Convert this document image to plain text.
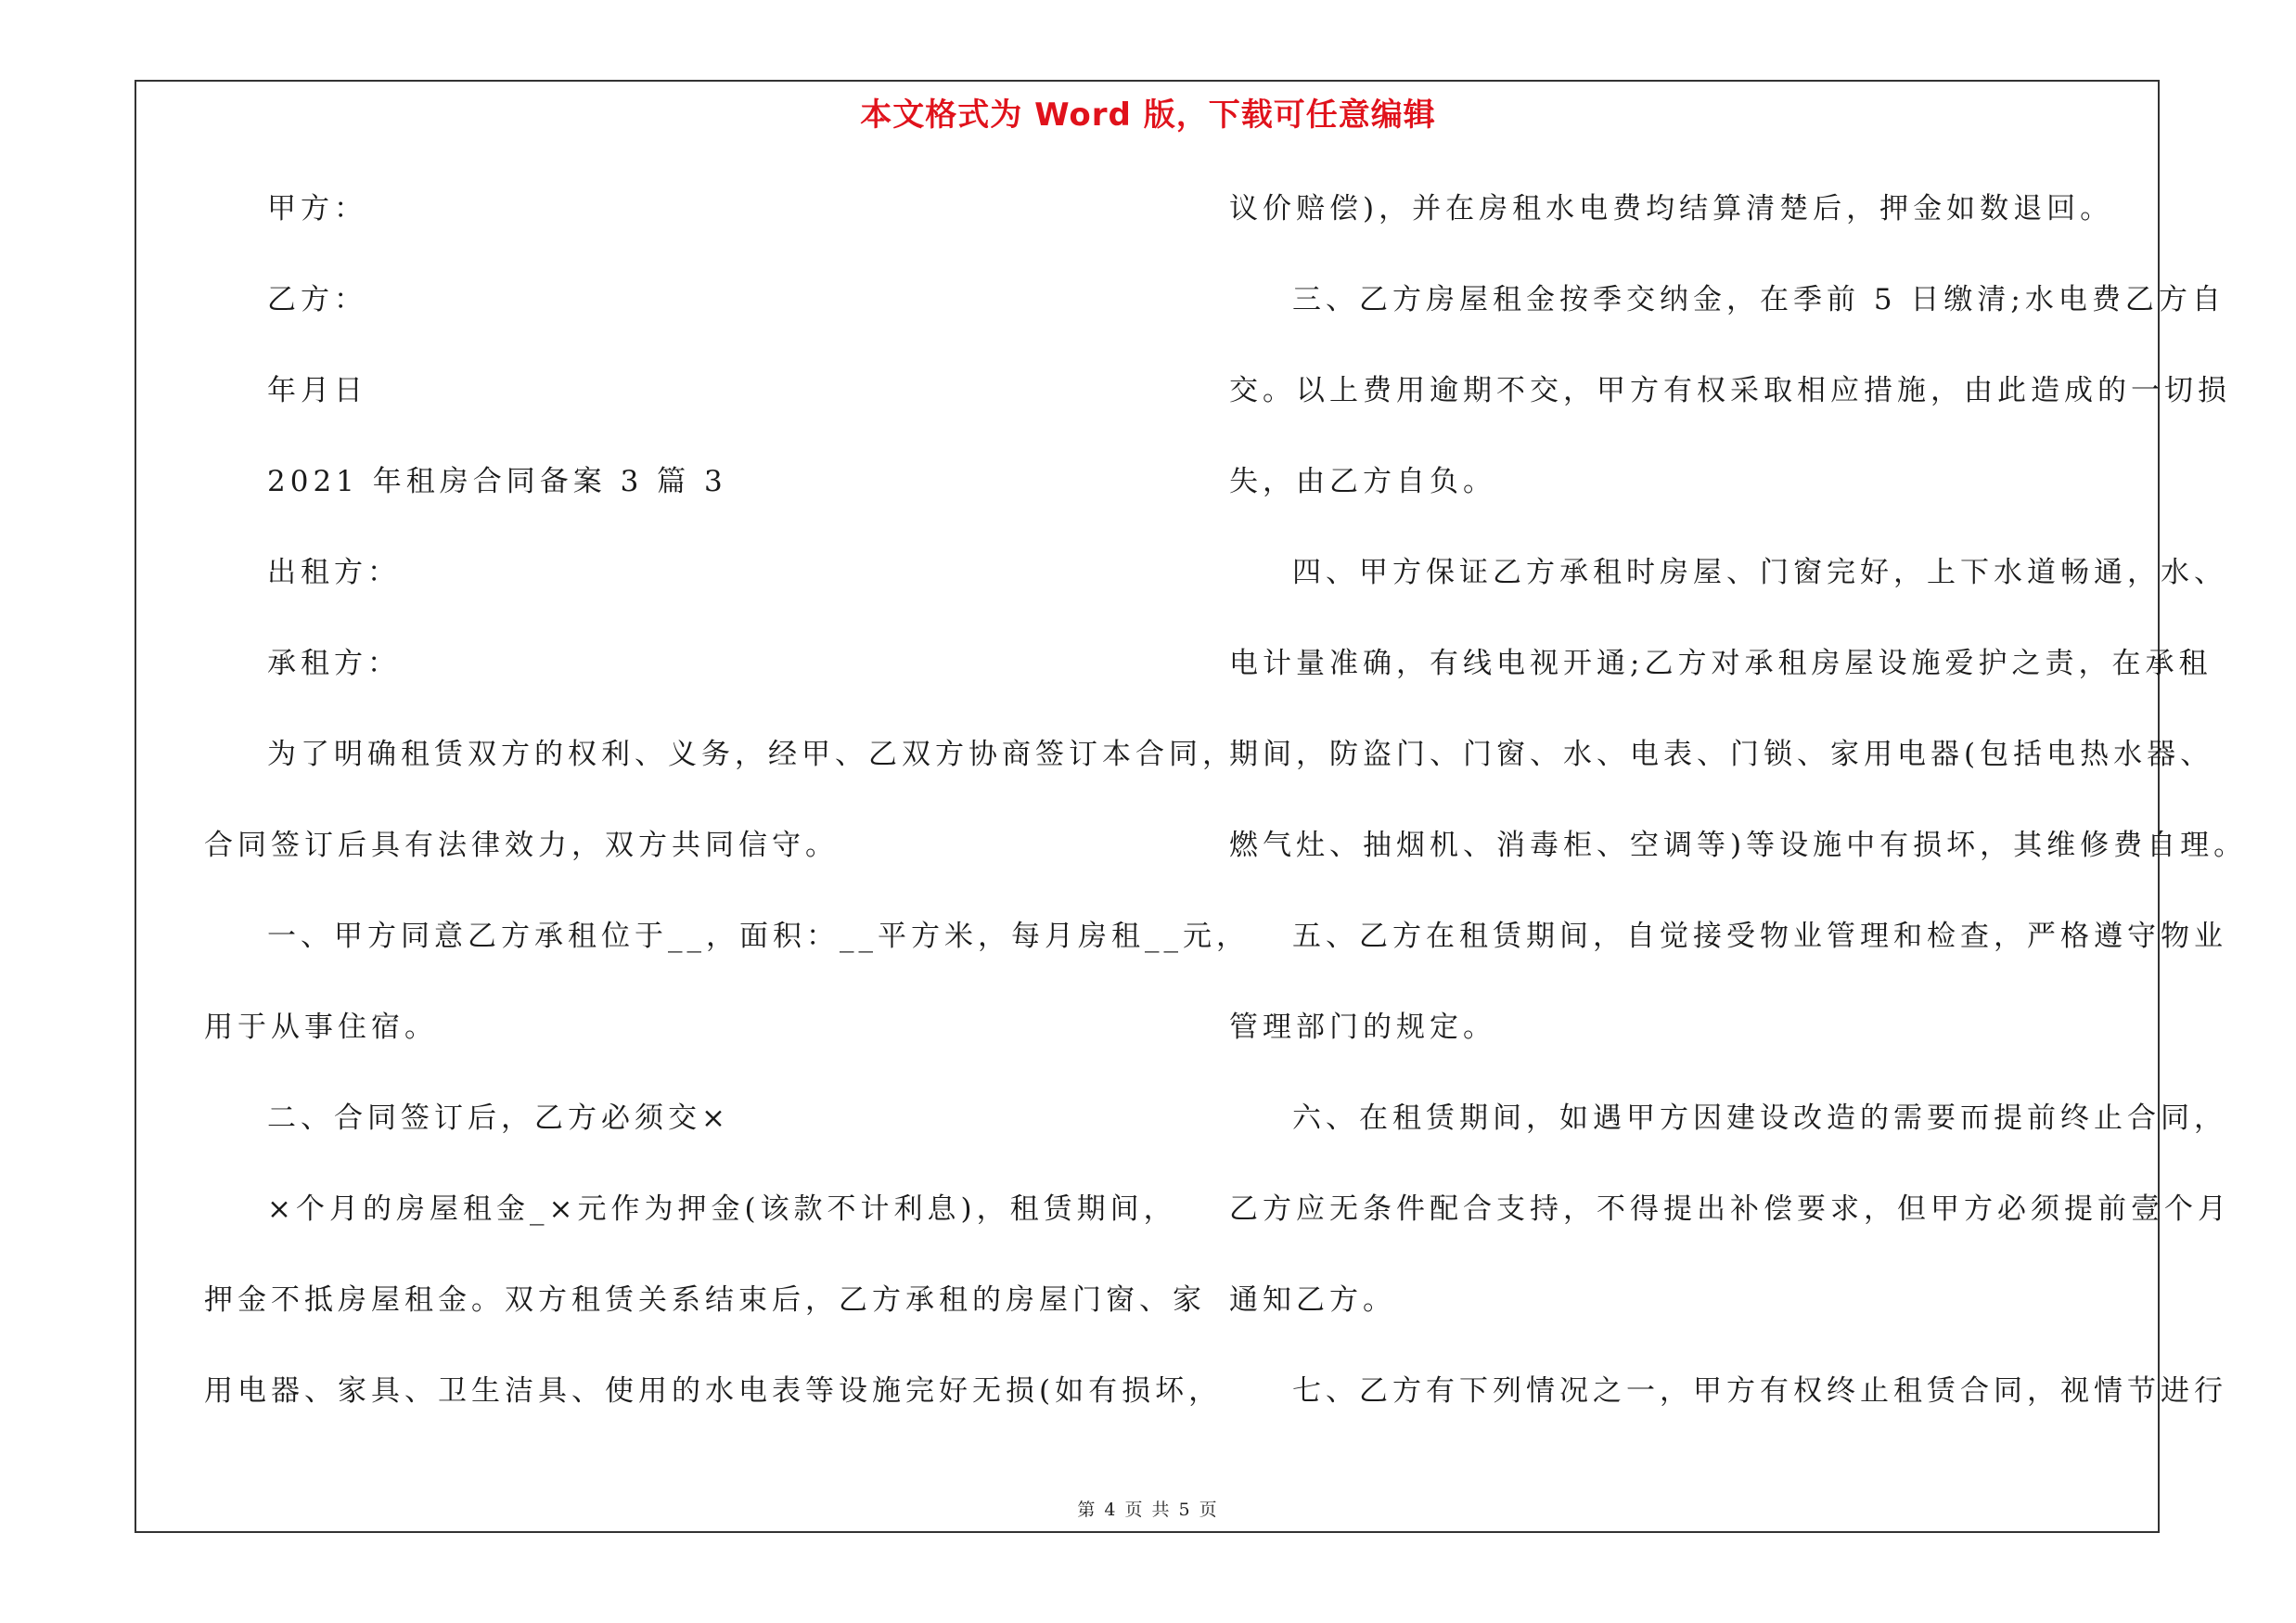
本文格式为 Word 版，下载可任意编辑
甲方：
乙方：
年月日
2021 年租房合同备案 3 篇 3
出租方：
承租方：
为了明确租赁双方的权利、义务，经甲、乙双方协商签订本合同，
合同签订后具有法律效力，双方共同信守。
一、甲方同意乙方承租位于__，面积：__平方米，每月房租__元，
用于从事住宿。
二、合同签订后，乙方必须交×
×个月的房屋租金_×元作为押金(该款不计利息)，租赁期间，
押金不抵房屋租金。双方租赁关系结束后，乙方承租的房屋门窗、家
用电器、家具、卫生洁具、使用的水电表等设施完好无损(如有损坏，
议价赔偿)，并在房租水电费均结算清楚后，押金如数退回。
三、乙方房屋租金按季交纳金，在季前 5 日缴清;水电费乙方自
交。以上费用逾期不交，甲方有权采取相应措施，由此造成的一切损
失，由乙方自负。
四、甲方保证乙方承租时房屋、门窗完好，上下水道畅通，水、
电计量准确，有线电视开通;乙方对承租房屋设施爱护之责，在承租
期间，防盗门、门窗、水、电表、门锁、家用电器(包括电热水器、
燃气灶、抽烟机、消毒柜、空调等)等设施中有损坏，其维修费自理。
五、乙方在租赁期间，自觉接受物业管理和检查，严格遵守物业
管理部门的规定。
六、在租赁期间，如遇甲方因建设改造的需要而提前终止合同，
乙方应无条件配合支持，不得提出补偿要求，但甲方必须提前壹个月
通知乙方。
七、乙方有下列情况之一，甲方有权终止租赁合同，视情节进行
第 4 页 共 5 页
